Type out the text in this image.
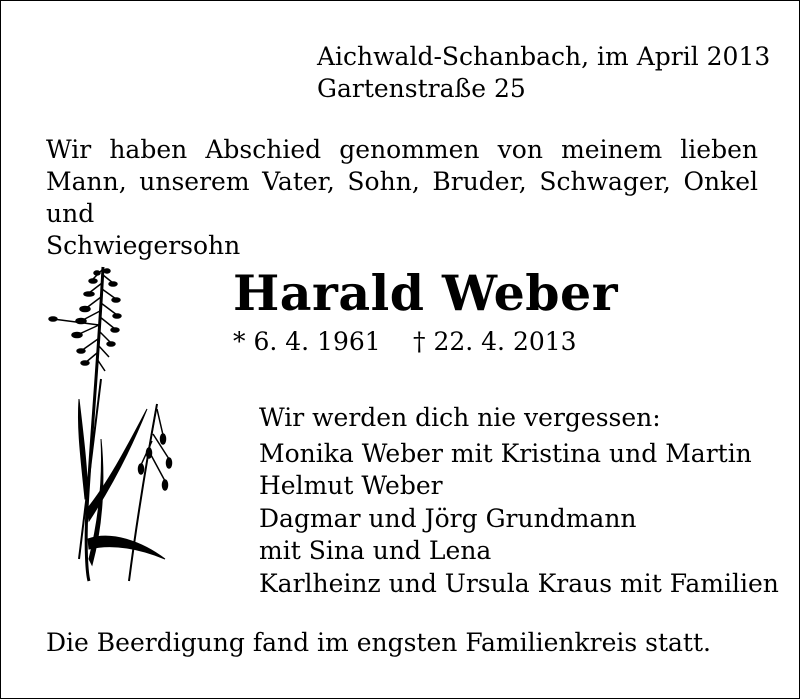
Aichwald-Schanbach, im April 2013
Gartenstraße 25

Wir haben Abschied genommen von meinem lieben
Mann, unserem Vater, Sohn, Bruder, Schwager, Onkel und
Schwiegersohn

Harald Weber
* 6. 4. 1961 † 22. 4. 2013
Wir werden dich nie vergessen:
Monika Weber mit Kristina und Martin
Helmut Weber
Dagmar und Jörg Grundmann
mit Sina und Lena
Karlheinz und Ursula Kraus mit Familien
Die Beerdigung fand im engsten Familienkreis statt.
